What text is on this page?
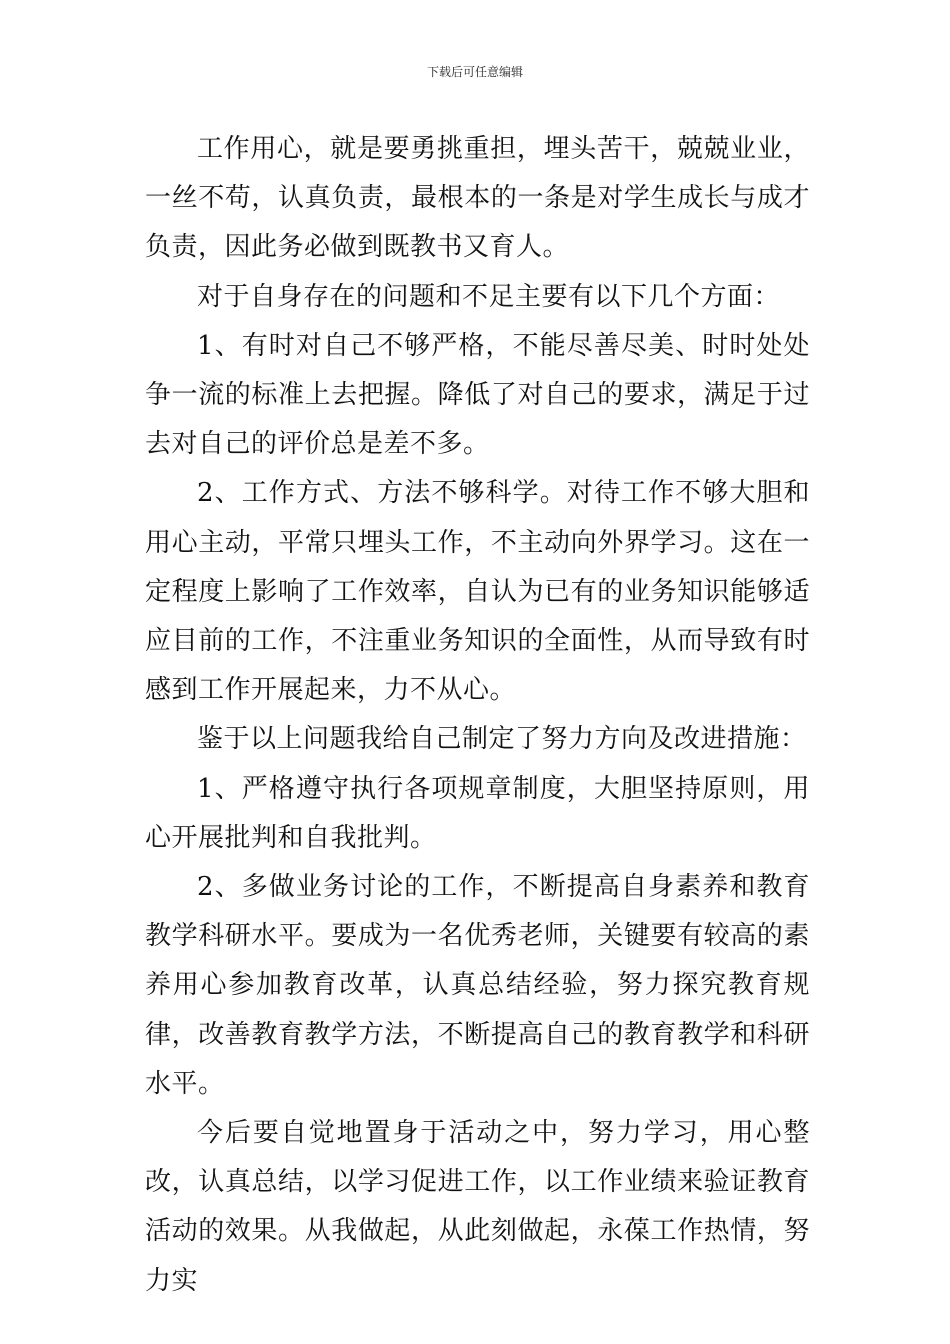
下载后可任意编辑

工作用心，就是要勇挑重担，埋头苦干，兢兢业业，一丝不苟，认真负责，最根本的一条是对学生成长与成才负责，因此务必做到既教书又育人。

对于自身存在的问题和不足主要有以下几个方面：

1、有时对自己不够严格，不能尽善尽美、时时处处争一流的标准上去把握。降低了对自己的要求，满足于过去对自己的评价总是差不多。

2、工作方式、方法不够科学。对待工作不够大胆和用心主动，平常只埋头工作，不主动向外界学习。这在一定程度上影响了工作效率，自认为已有的业务知识能够适应目前的工作，不注重业务知识的全面性，从而导致有时感到工作开展起来，力不从心。

鉴于以上问题我给自己制定了努力方向及改进措施：

1、严格遵守执行各项规章制度，大胆坚持原则，用心开展批判和自我批判。

2、多做业务讨论的工作，不断提高自身素养和教育教学科研水平。要成为一名优秀老师，关键要有较高的素养用心参加教育改革，认真总结经验，努力探究教育规律，改善教育教学方法，不断提高自己的教育教学和科研水平。

今后要自觉地置身于活动之中，努力学习，用心整改，认真总结，以学习促进工作，以工作业绩来验证教育活动的效果。从我做起，从此刻做起，永葆工作热情，努力实
